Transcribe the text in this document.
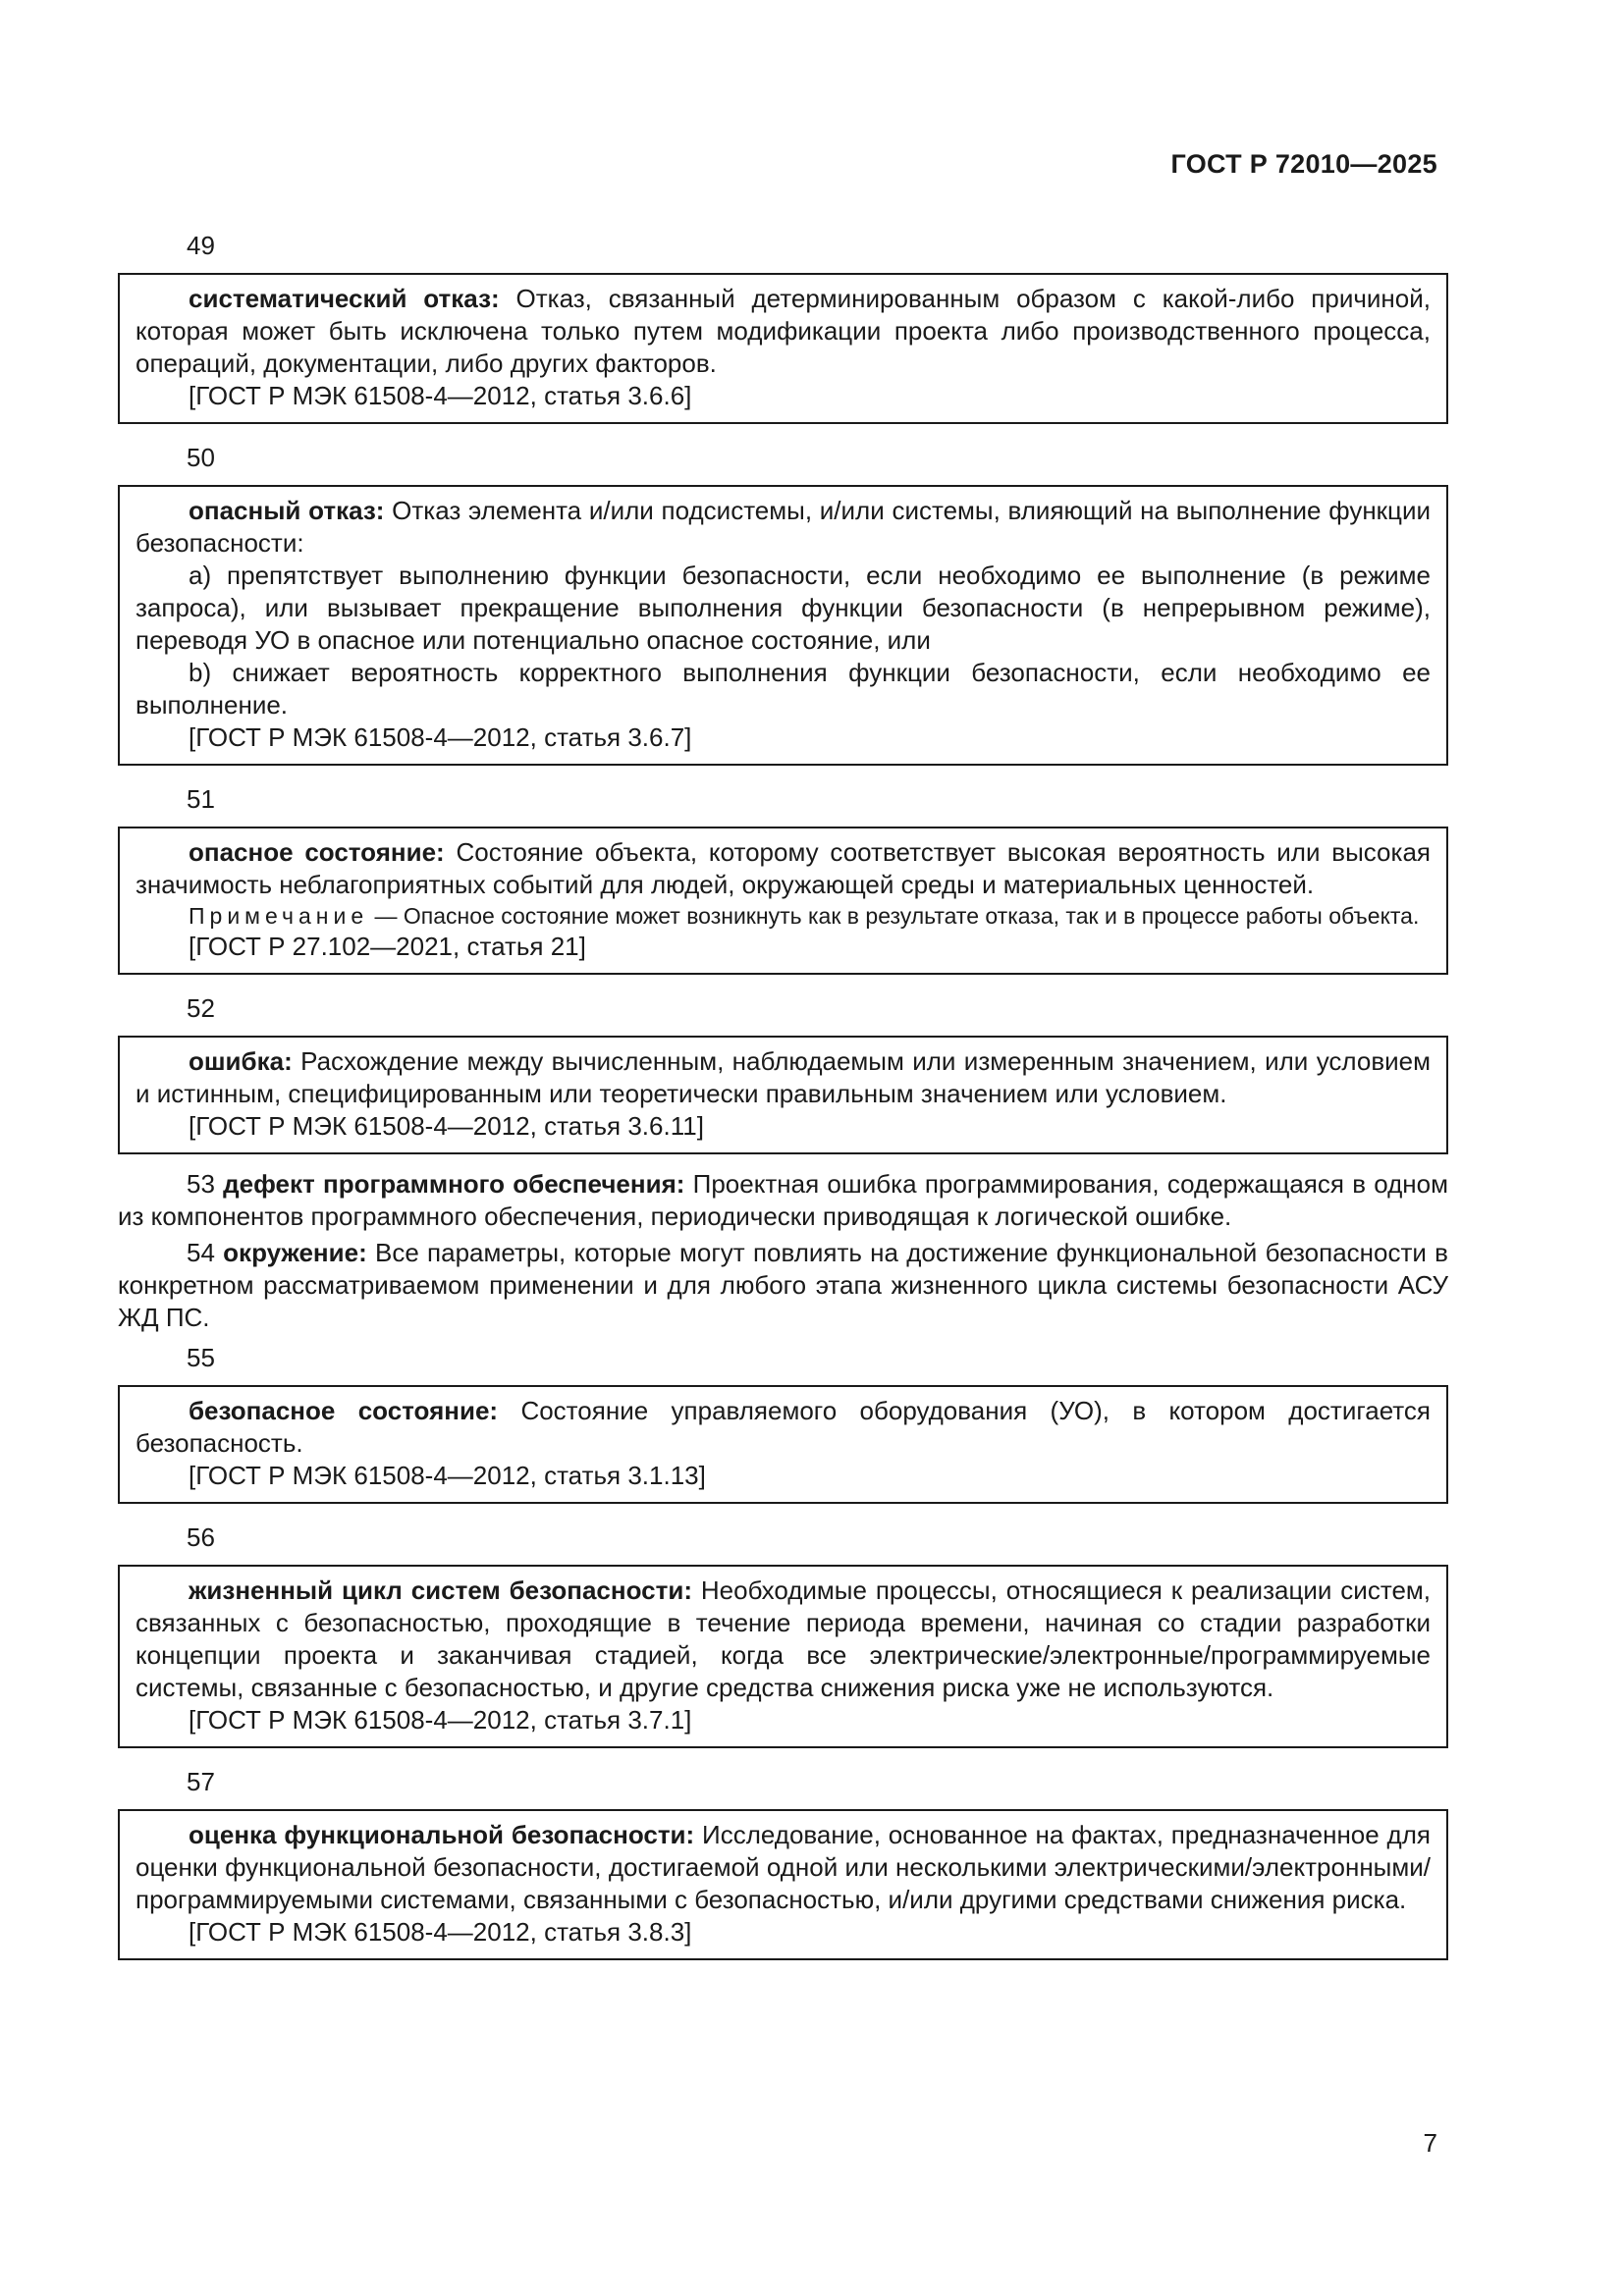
ГОСТ Р 72010—2025
49

систематический отказ: Отказ, связанный детерминированным образом с какой-либо причиной, которая может быть исключена только путем модификации проекта либо производственного процесса, операций, документации, либо других факторов.

[ГОСТ Р МЭК 61508-4—2012, статья 3.6.6]

50

опасный отказ: Отказ элемента и/или подсистемы, и/или системы, влияющий на выполнение функции безопасности:

a) препятствует выполнению функции безопасности, если необходимо ее выполнение (в режиме запроса), или вызывает прекращение выполнения функции безопасности (в непрерывном режиме), переводя УО в опасное или потенциально опасное состояние, или

b) снижает вероятность корректного выполнения функции безопасности, если необходимо ее выполнение.

[ГОСТ Р МЭК 61508-4—2012, статья 3.6.7]

51

опасное состояние: Состояние объекта, которому соответствует высокая вероятность или высокая значимость неблагоприятных событий для людей, окружающей среды и материальных ценностей.

Примечание — Опасное состояние может возникнуть как в результате отказа, так и в процессе работы объекта.

[ГОСТ Р 27.102—2021, статья 21]

52

ошибка: Расхождение между вычисленным, наблюдаемым или измеренным значением, или условием и истинным, специфицированным или теоретически правильным значением или условием.

[ГОСТ Р МЭК 61508-4—2012, статья 3.6.11]

53 дефект программного обеспечения: Проектная ошибка программирования, содержащаяся в одном из компонентов программного обеспечения, периодически приводящая к логической ошибке.

54 окружение: Все параметры, которые могут повлиять на достижение функциональной безопасности в конкретном рассматриваемом применении и для любого этапа жизненного цикла системы безопасности АСУ ЖД ПС.

55

безопасное состояние: Состояние управляемого оборудования (УО), в котором достигается безопасность.

[ГОСТ Р МЭК 61508-4—2012, статья 3.1.13]

56

жизненный цикл систем безопасности: Необходимые процессы, относящиеся к реализации систем, связанных с безопасностью, проходящие в течение периода времени, начиная со стадии разработки концепции проекта и заканчивая стадией, когда все электрические/электронные/программируемые системы, связанные с безопасностью, и другие средства снижения риска уже не используются.

[ГОСТ Р МЭК 61508-4—2012, статья 3.7.1]

57

оценка функциональной безопасности: Исследование, основанное на фактах, предназначенное для оценки функциональной безопасности, достигаемой одной или несколькими электрическими/электронными/программируемыми системами, связанными с безопасностью, и/или другими средствами снижения риска.

[ГОСТ Р МЭК 61508-4—2012, статья 3.8.3]

7
